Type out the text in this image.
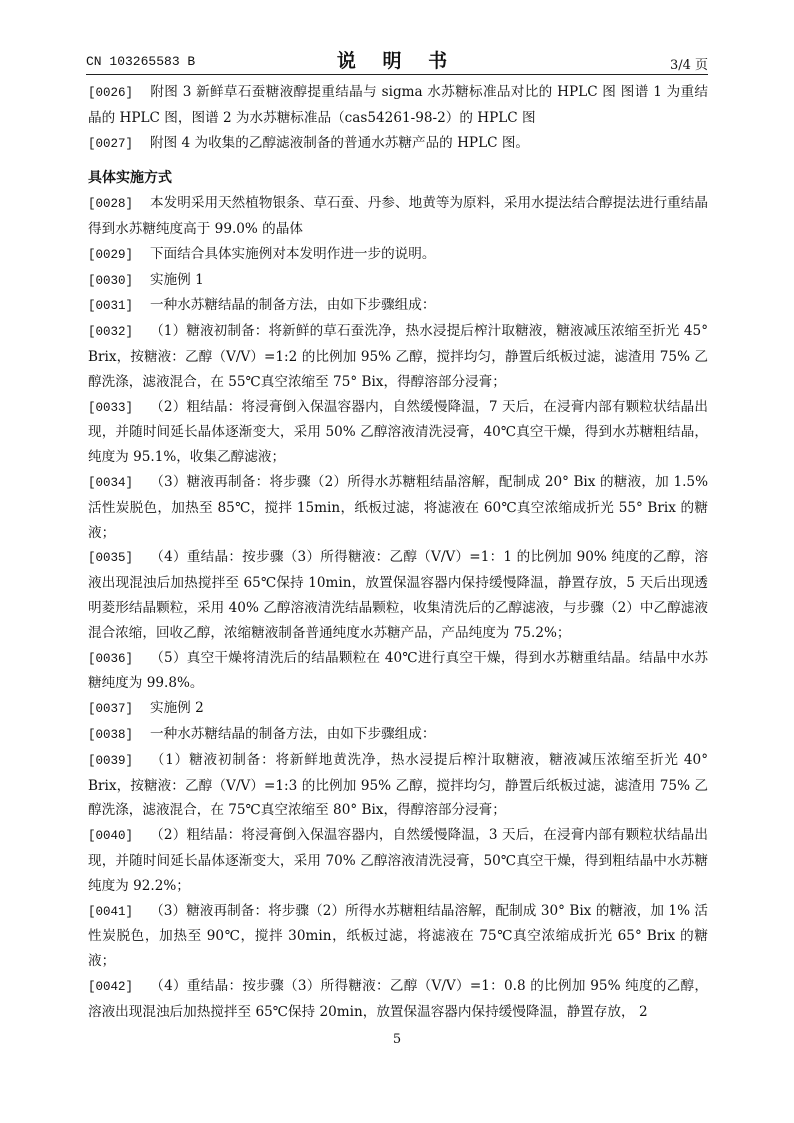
CN 103265583 B	说 明 书	3/4 页

[0026] 附图 3 新鲜草石蚕糖液醇提重结晶与 sigma 水苏糖标准品对比的 HPLC 图 图谱 1 为重结晶的 HPLC 图，图谱 2 为水苏糖标准品（cas54261-98-2）的 HPLC 图

[0027] 附图 4 为收集的乙醇滤液制备的普通水苏糖产品的 HPLC 图。

具体实施方式

[0028] 本发明采用天然植物银条、草石蚕、丹参、地黄等为原料，采用水提法结合醇提法进行重结晶得到水苏糖纯度高于 99.0% 的晶体

[0029] 下面结合具体实施例对本发明作进一步的说明。

[0030] 实施例 1

[0031] 一种水苏糖结晶的制备方法，由如下步骤组成：

[0032] （1）糖液初制备：将新鲜的草石蚕洗净，热水浸提后榨汁取糖液，糖液减压浓缩至折光 45° Brix，按糖液：乙醇（V/V）=1:2 的比例加 95% 乙醇，搅拌均匀，静置后纸板过滤，滤渣用 75% 乙醇洗涤，滤液混合，在 55℃真空浓缩至 75° Bix，得醇溶部分浸膏；

[0033] （2）粗结晶：将浸膏倒入保温容器内，自然缓慢降温，7 天后，在浸膏内部有颗粒状结晶出现，并随时间延长晶体逐渐变大，采用 50% 乙醇溶液清洗浸膏，40℃真空干燥，得到水苏糖粗结晶，纯度为 95.1%，收集乙醇滤液；

[0034] （3）糖液再制备：将步骤（2）所得水苏糖粗结晶溶解，配制成 20° Bix 的糖液，加 1.5% 活性炭脱色，加热至 85℃，搅拌 15min，纸板过滤，将滤液在 60℃真空浓缩成折光 55° Brix 的糖液；

[0035] （4）重结晶：按步骤（3）所得糖液：乙醇（V/V）=1：1 的比例加 90% 纯度的乙醇，溶液出现混浊后加热搅拌至 65℃保持 10min，放置保温容器内保持缓慢降温，静置存放，5 天后出现透明菱形结晶颗粒，采用 40% 乙醇溶液清洗结晶颗粒，收集清洗后的乙醇滤液，与步骤（2）中乙醇滤液混合浓缩，回收乙醇，浓缩糖液制备普通纯度水苏糖产品，产品纯度为 75.2%；

[0036] （5）真空干燥将清洗后的结晶颗粒在 40℃进行真空干燥，得到水苏糖重结晶。结晶中水苏糖纯度为 99.8%。

[0037] 实施例 2

[0038] 一种水苏糖结晶的制备方法，由如下步骤组成：

[0039] （1）糖液初制备：将新鲜地黄洗净，热水浸提后榨汁取糖液，糖液减压浓缩至折光 40° Brix，按糖液：乙醇（V/V）=1:3 的比例加 95% 乙醇，搅拌均匀，静置后纸板过滤，滤渣用 75% 乙醇洗涤，滤液混合，在 75℃真空浓缩至 80° Bix，得醇溶部分浸膏；

[0040] （2）粗结晶：将浸膏倒入保温容器内，自然缓慢降温，3 天后，在浸膏内部有颗粒状结晶出现，并随时间延长晶体逐渐变大，采用 70% 乙醇溶液清洗浸膏，50℃真空干燥，得到粗结晶中水苏糖纯度为 92.2%；

[0041] （3）糖液再制备：将步骤（2）所得水苏糖粗结晶溶解，配制成 30° Bix 的糖液，加 1% 活性炭脱色，加热至 90℃，搅拌 30min，纸板过滤，将滤液在 75℃真空浓缩成折光 65° Brix 的糖液；

[0042] （4）重结晶：按步骤（3）所得糖液：乙醇（V/V）=1：0.8 的比例加 95% 纯度的乙醇，溶液出现混浊后加热搅拌至 65℃保持 20min，放置保温容器内保持缓慢降温，静置存放， 2

5
